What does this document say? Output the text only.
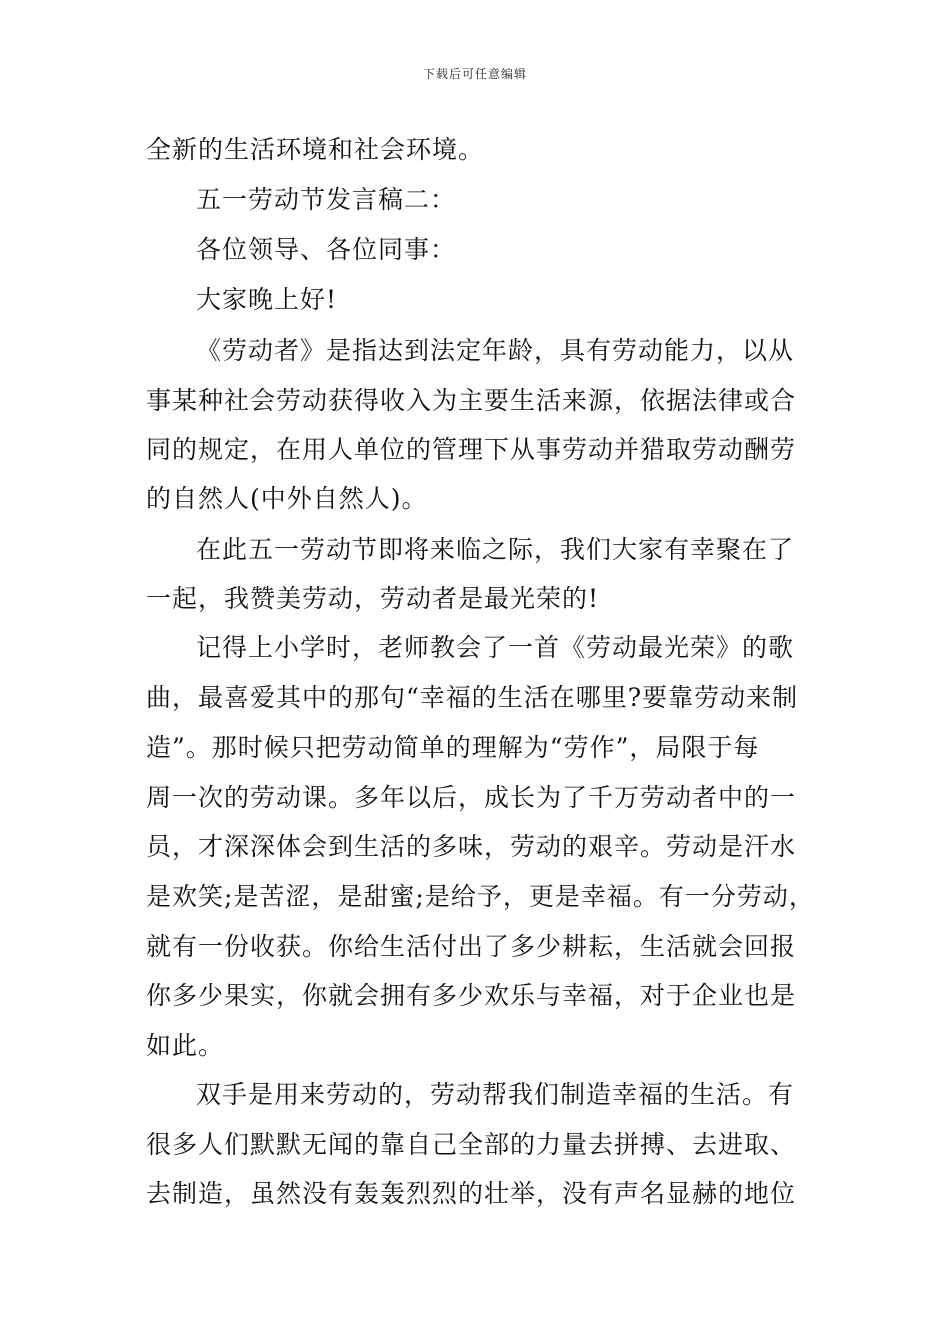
下载后可任意编辑
全新的生活环境和社会环境。
五一劳动节发言稿二：
各位领导、各位同事：
大家晚上好!
《劳动者》是指达到法定年龄，具有劳动能力，以从
事某种社会劳动获得收入为主要生活来源，依据法律或合
同的规定，在用人单位的管理下从事劳动并猎取劳动酬劳
的自然人(中外自然人)。
在此五一劳动节即将来临之际，我们大家有幸聚在了
一起，我赞美劳动，劳动者是最光荣的!
记得上小学时，老师教会了一首《劳动最光荣》的歌
曲，最喜爱其中的那句“幸福的生活在哪里?要靠劳动来制
造”。那时候只把劳动简单的理解为“劳作”，局限于每
周一次的劳动课。多年以后，成长为了千万劳动者中的一
员，才深深体会到生活的多味，劳动的艰辛。劳动是汗水
是欢笑;是苦涩，是甜蜜;是给予，更是幸福。有一分劳动，
就有一份收获。你给生活付出了多少耕耘，生活就会回报
你多少果实，你就会拥有多少欢乐与幸福，对于企业也是
如此。
双手是用来劳动的，劳动帮我们制造幸福的生活。有
很多人们默默无闻的靠自己全部的力量去拼搏、去进取、
去制造，虽然没有轰轰烈烈的壮举，没有声名显赫的地位
